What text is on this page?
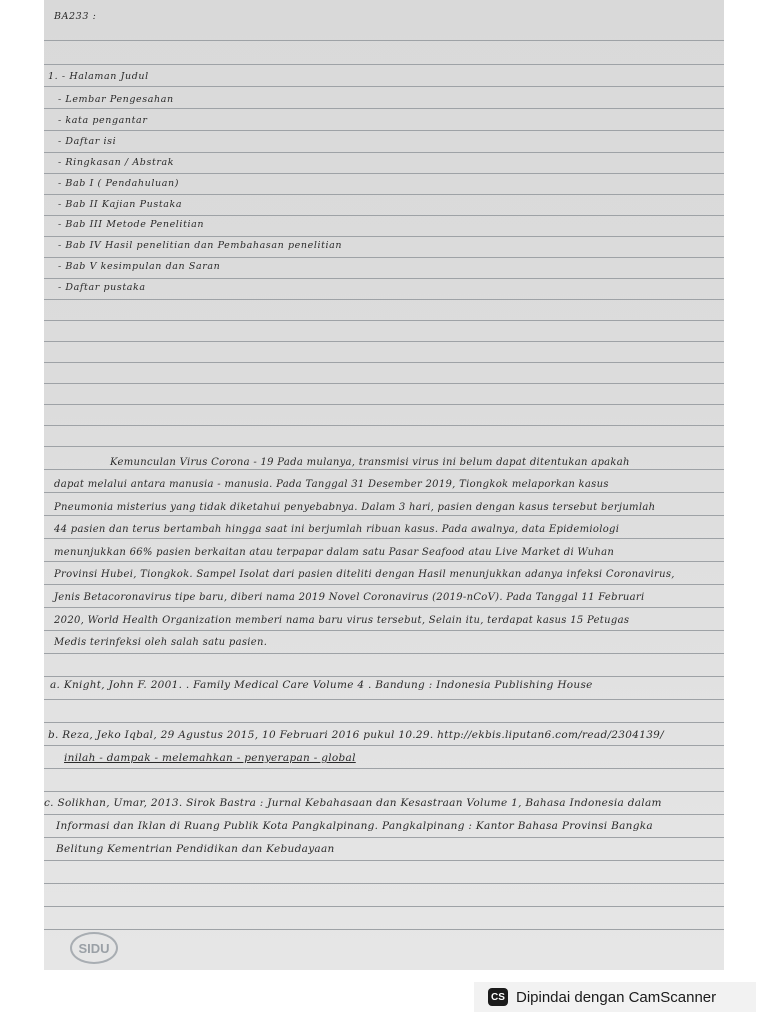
BA233 :
1. - Halaman Judul
- Lembar Pengesahan
- kata pengantar
- Daftar isi
- Ringkasan / Abstrak
- Bab I ( Pendahuluan)
- Bab II Kajian Pustaka
- Bab III Metode Penelitian
- Bab IV Hasil penelitian dan Pembahasan penelitian
- Bab V kesimpulan dan Saran
- Daftar pustaka
Kemunculan Virus Corona - 19 Pada mulanya, transmisi virus ini belum dapat ditentukan apakah
dapat melalui antara manusia - manusia. Pada Tanggal 31 Desember 2019, Tiongkok melaporkan kasus
Pneumonia misterius yang tidak diketahui penyebabnya. Dalam 3 hari, pasien dengan kasus tersebut berjumlah
44 pasien dan terus bertambah hingga saat ini berjumlah ribuan kasus. Pada awalnya, data Epidemiologi
menunjukkan 66% pasien berkaitan atau terpapar dalam satu Pasar Seafood atau Live Market di Wuhan
Provinsi Hubei, Tiongkok. Sampel Isolat dari pasien diteliti dengan Hasil menunjukkan adanya infeksi Coronavirus,
Jenis Betacoronavirus tipe baru, diberi nama 2019 Novel Coronavirus (2019-nCoV). Pada Tanggal 11 Februari
2020, World Health Organization memberi nama baru virus tersebut, Selain itu, terdapat kasus 15 Petugas
Medis terinfeksi oleh salah satu pasien.
a. Knight, John F. 2001. . Family Medical Care Volume 4 . Bandung : Indonesia Publishing House
b. Reza, Jeko Iqbal, 29 Agustus 2015, 10 Februari 2016 pukul 10.29. http://ekbis.liputan6.com/read/2304139/
inilah - dampak - melemahkan - penyerapan - global
c. Solikhan, Umar, 2013. Sirok Bastra : Jurnal Kebahasaan dan Kesastraan Volume 1, Bahasa Indonesia dalam
Informasi dan Iklan di Ruang Publik Kota Pangkalpinang. Pangkalpinang : Kantor Bahasa Provinsi Bangka
Belitung Kementrian Pendidikan dan Kebudayaan
SIDU
CS Dipindai dengan CamScanner
